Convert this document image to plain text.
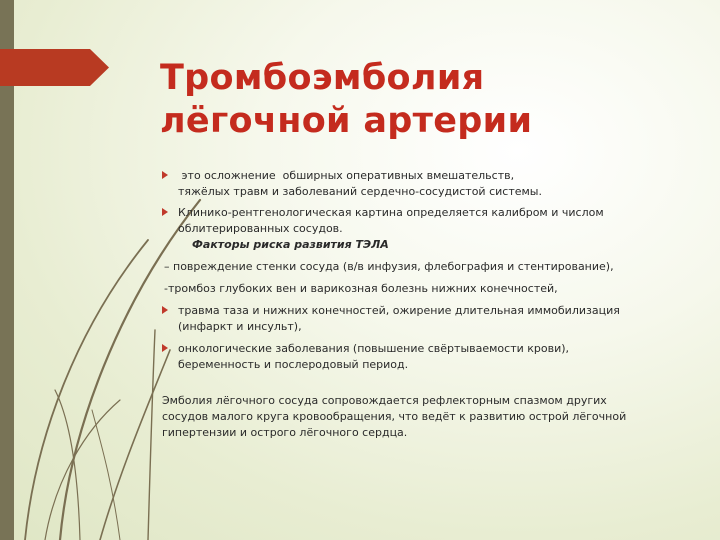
Тромбоэмболия
лёгочной артерии
это осложнение  обширных оперативных вмешательств,
тяжёлых травм и заболеваний сердечно-сосудистой системы.
Клинико-рентгенологическая картина определяется калибром и числом
облитерированных сосудов.
Факторы риска развития ТЭЛА
– повреждение стенки сосуда (в/в инфузия, флебография и стентирование),
-тромбоз глубоких вен и варикозная болезнь нижних конечностей,
травма таза и нижних конечностей, ожирение длительная иммобилизация
(инфаркт и инсульт),
онкологические заболевания (повышение свёртываемости крови),
беременность и послеродовый период.
Эмболия лёгочного сосуда сопровождается рефлекторным спазмом других
сосудов малого круга кровообращения, что ведёт к развитию острой лёгочной
гипертензии и острого лёгочного сердца.
